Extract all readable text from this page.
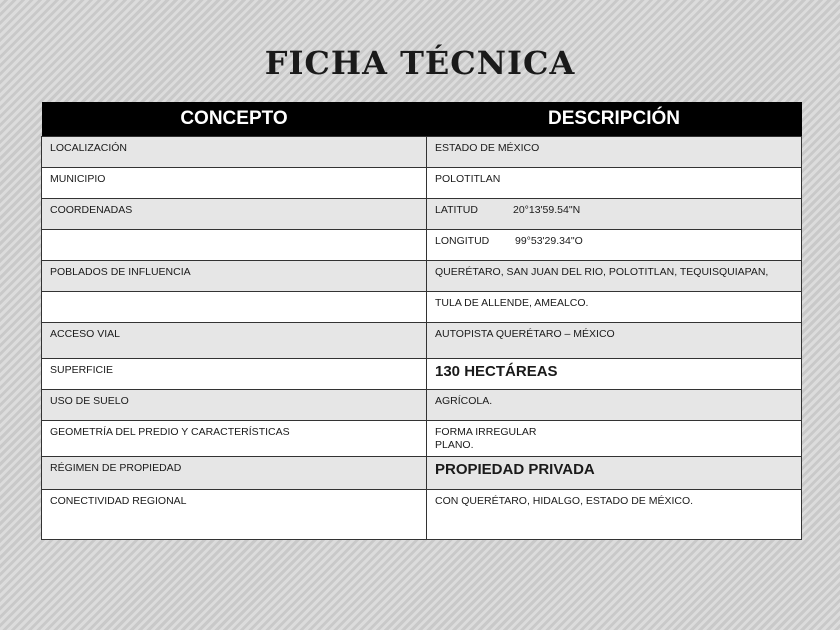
FICHA TÉCNICA
CONCEPTO	DESCRIPCIÓN
LOCALIZACIÓN	ESTADO DE MÉXICO
MUNICIPIO	POLOTITLAN
COORDENADAS	LATITUD 20°13'59.54"N
	LONGITUD 99°53'29.34"O
POBLADOS DE INFLUENCIA	QUERÉTARO, SAN JUAN DEL RIO, POLOTITLAN, TEQUISQUIAPAN,
	TULA DE ALLENDE, AMEALCO.
ACCESO VIAL	AUTOPISTA QUERÉTARO – MÉXICO
SUPERFICIE	130 HECTÁREAS
USO DE SUELO	AGRÍCOLA.
GEOMETRÍA DEL PREDIO Y CARACTERÍSTICAS	FORMA IRREGULAR
PLANO.

RÉGIMEN DE PROPIEDAD	PROPIEDAD PRIVADA
CONECTIVIDAD REGIONAL	CON QUERÉTARO, HIDALGO, ESTADO DE MÉXICO.
